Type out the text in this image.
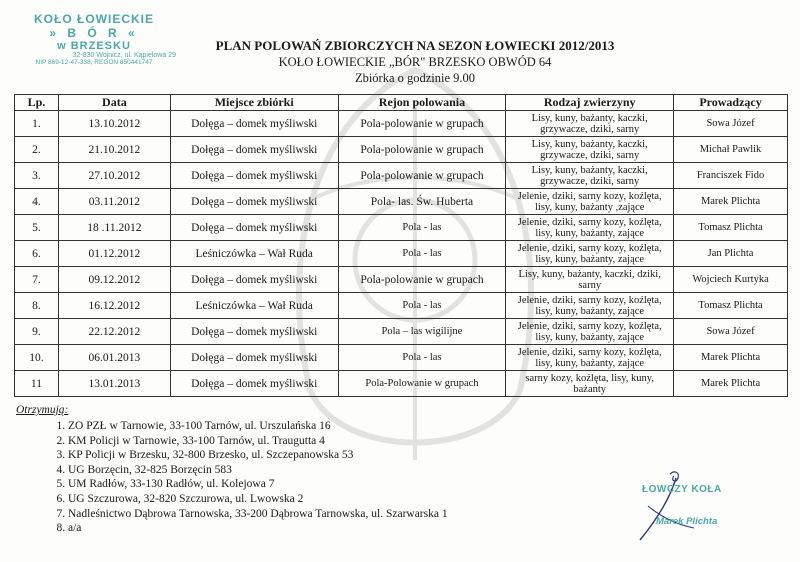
KOŁO ŁOWIECKIE
» B Ó R «
w BRZESKU
32-830 Wojnicz, ul. Kąpielowa 29
NIP 869-12-47-338, REGON 850441747
PLAN POLOWAŃ ZBIORCZYCH NA SEZON ŁOWIECKI 2012/2013
KOŁO ŁOWIECKIE „BÓR" BRZESKO OBWÓD 64
Zbiórka o godzinie 9.00
Lp.	Data	Miejsce zbiórki	Rejon polowania	Rodzaj zwierzyny	Prowadzący
1.	13.10.2012	Dołęga – domek myśliwski	Pola-polowanie w grupach	Lisy, kuny, bażanty, kaczki, grzywacze, dziki, sarny	Sowa Józef
2.	21.10.2012	Dołęga – domek myśliwski	Pola-polowanie w grupach	Lisy, kuny, bażanty, kaczki, grzywacze, dziki, sarny	Michał Pawlik
3.	27.10.2012	Dołęga – domek myśliwski	Pola-polowanie w grupach	Lisy, kuny, bażanty, kaczki, grzywacze, dziki, sarny	Franciszek Fido
4.	03.11.2012	Dołęga – domek myśliwski	Pola- las. Św. Huberta	Jelenie, dziki, sarny kozy, koźlęta, lisy, kuny, bażanty ,zające	Marek Plichta
5.	18 .11.2012	Dołęga – domek myśliwski	Pola - las	Jelenie, dziki, sarny kozy, koźlęta, lisy, kuny, bażanty, zające	Tomasz Plichta
6.	01.12.2012	Leśniczówka – Wał Ruda	Pola - las	Jelenie, dziki, sarny kozy, koźlęta, lisy, kuny, bażanty, zające	Jan Plichta
7.	09.12.2012	Dołęga – domek myśliwski	Pola-polowanie w grupach	Lisy, kuny, bażanty, kaczki, dziki, sarny	Wojciech Kurtyka
8.	16.12.2012	Leśniczówka – Wał Ruda	Pola - las	Jelenie, dziki, sarny kozy, koźlęta, lisy, kuny, bażanty, zające	Tomasz Plichta
9.	22.12.2012	Dołęga – domek myśliwski	Pola – las wigilijne	Jelenie, dziki, sarny kozy, koźlęta, lisy, kuny, bażanty, zające	Sowa Józef
10.	06.01.2013	Dołęga – domek myśliwski	Pola - las	Jelenie, dziki, sarny kozy, koźlęta, lisy, kuny, bażanty, zające	Marek Plichta
11	13.01.2013	Dołęga – domek myśliwski	Pola-Polowanie w grupach	sarny kozy, koźlęta, lisy, kuny, bażanty	Marek Plichta
Otrzymują:
1. ZO PZŁ w Tarnowie, 33-100 Tarnów, ul. Urszulańska 16
2. KM Policji w Tarnowie, 33-100 Tarnów, ul. Traugutta 4
3. KP Policji w Brzesku, 32-800 Brzesko, ul. Szczepanowska 53
4. UG Borzęcin, 32-825 Borzęcin 583
5. UM Radłów, 33-130 Radłów, ul. Kolejowa 7
6. UG Szczurowa, 32-820 Szczurowa, ul. Lwowska 2
7. Nadleśnictwo Dąbrowa Tarnowska, 33-200 Dąbrowa Tarnowska, ul. Szarwarska 1
8. a/a
ŁOWCZY KOŁA
Marek Plichta
